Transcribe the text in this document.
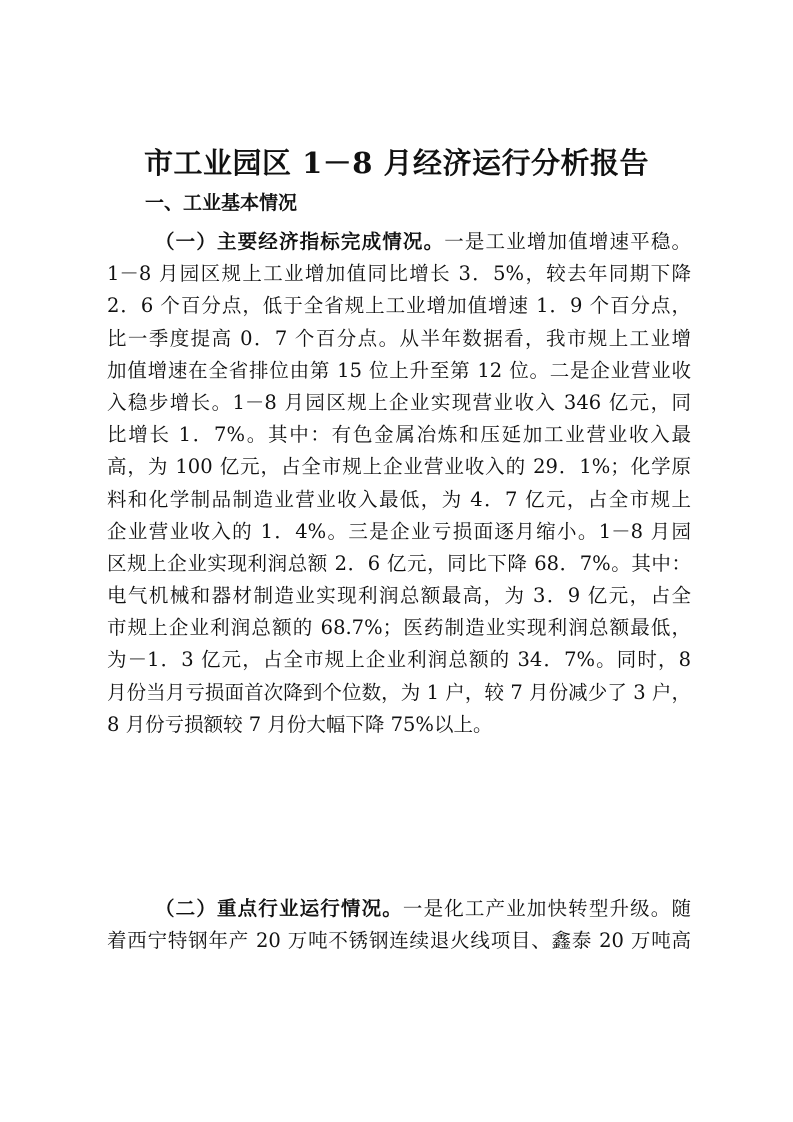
市工业园区 1－8 月经济运行分析报告
一、工业基本情况
（一）主要经济指标完成情况。一是工业增加值增速平稳。
1－8 月园区规上工业增加值同比增长 3．5%，较去年同期下降
2．6 个百分点，低于全省规上工业增加值增速 1．9 个百分点，
比一季度提高 0．7 个百分点。从半年数据看，我市规上工业增
加值增速在全省排位由第 15 位上升至第 12 位。二是企业营业收
入稳步增长。1－8 月园区规上企业实现营业收入 346 亿元，同
比增长 1．7%。其中：有色金属冶炼和压延加工业营业收入最
高，为 100 亿元，占全市规上企业营业收入的 29．1%；化学原
料和化学制品制造业营业收入最低，为 4．7 亿元，占全市规上
企业营业收入的 1．4%。三是企业亏损面逐月缩小。1－8 月园
区规上企业实现利润总额 2．6 亿元，同比下降 68．7%。其中：
电气机械和器材制造业实现利润总额最高，为 3．9 亿元，占全
市规上企业利润总额的 68.7%；医药制造业实现利润总额最低，
为－1．3 亿元，占全市规上企业利润总额的 34．7%。同时，8
月份当月亏损面首次降到个位数，为 1 户，较 7 月份减少了 3 户，
8 月份亏损额较 7 月份大幅下降 75%以上。
（二）重点行业运行情况。一是化工产业加快转型升级。随
着西宁特钢年产 20 万吨不锈钢连续退火线项目、鑫泰 20 万吨高
